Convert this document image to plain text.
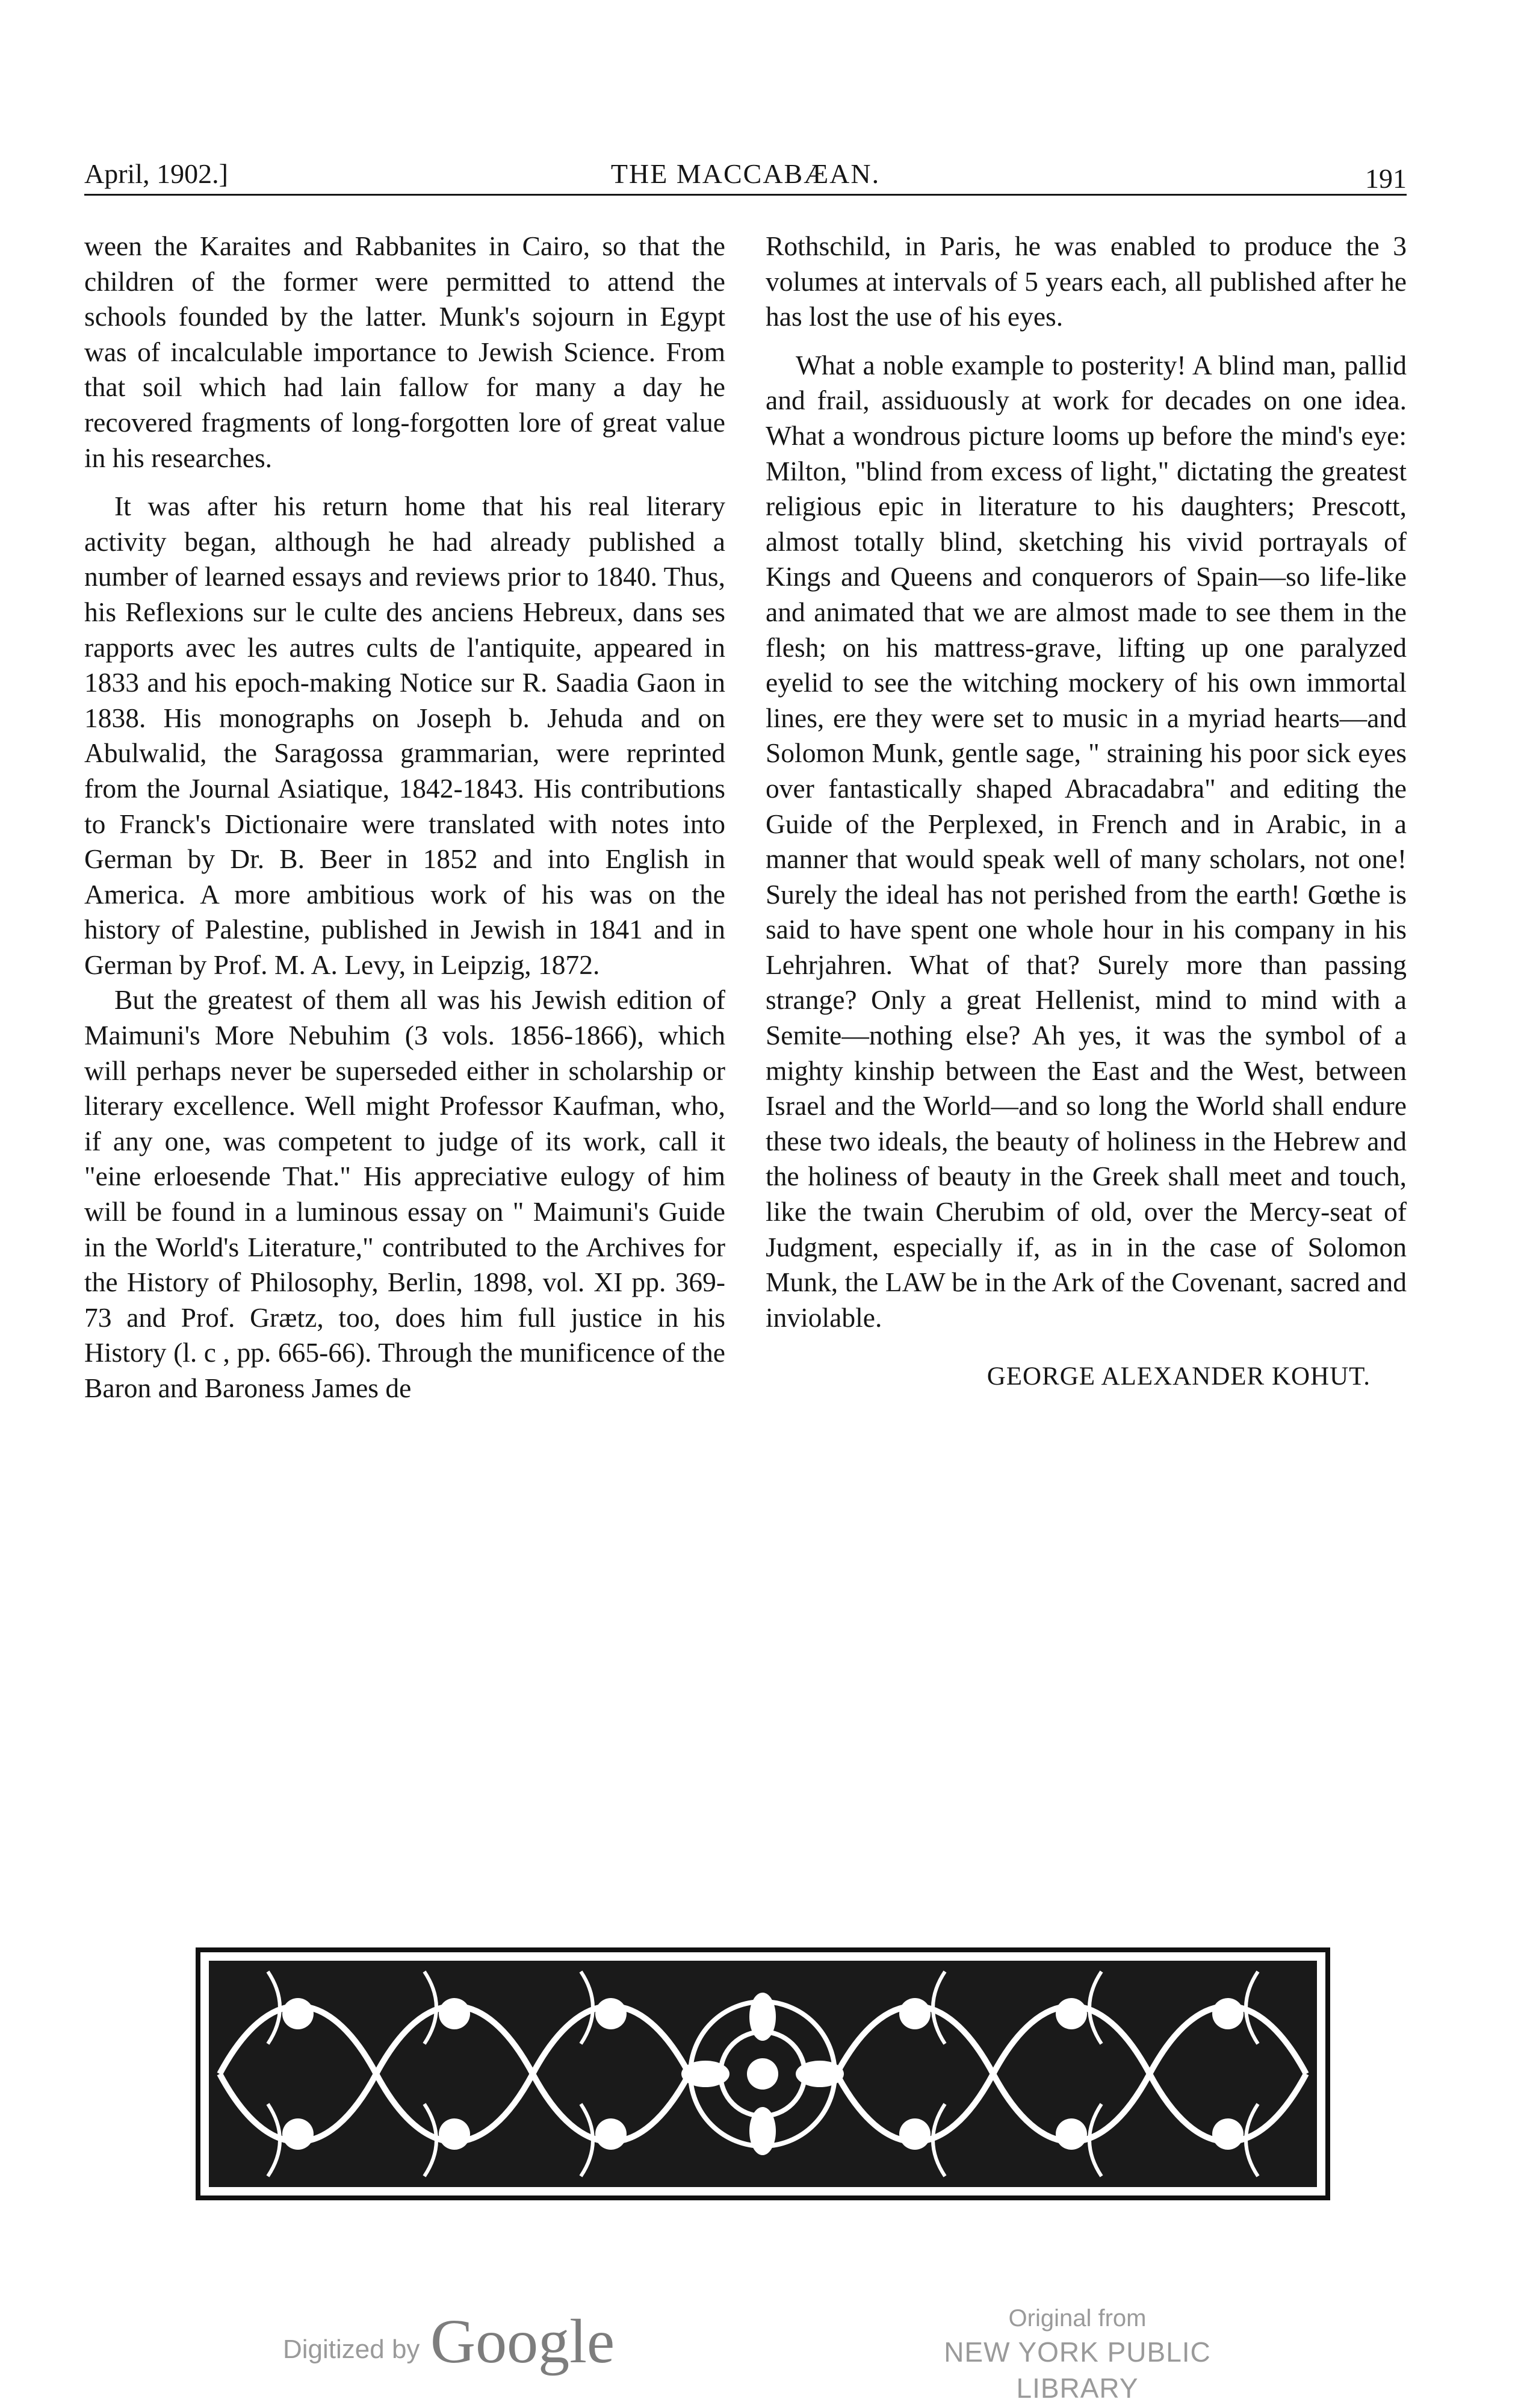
April, 1902.]	THE MACCABÆAN.	191

ween the Karaites and Rabbanites in Cairo, so that the children of the former were permitted to attend the schools founded by the latter. Munk's sojourn in Egypt was of incalculable importance to Jewish Science. From that soil which had lain fallow for many a day he recovered fragments of long-forgotten lore of great value in his researches.

It was after his return home that his real literary activity began, although he had already published a number of learned essays and reviews prior to 1840. Thus, his Reflexions sur le culte des anciens Hebreux, dans ses rapports avec les autres cults de l'antiquite, appeared in 1833 and his epoch-making Notice sur R. Saadia Gaon in 1838. His monographs on Joseph b. Jehuda and on Abulwalid, the Saragossa grammarian, were reprinted from the Journal Asiatique, 1842-1843. His contributions to Franck's Dictionaire were translated with notes into German by Dr. B. Beer in 1852 and into English in America. A more ambitious work of his was on the history of Palestine, published in Jewish in 1841 and in German by Prof. M. A. Levy, in Leipzig, 1872.

But the greatest of them all was his Jewish edition of Maimuni's More Nebuhim (3 vols. 1856-1866), which will perhaps never be superseded either in scholarship or literary excellence. Well might Professor Kaufman, who, if any one, was competent to judge of its work, call it "eine erloesende That." His appreciative eulogy of him will be found in a luminous essay on " Maimuni's Guide in the World's Literature," contributed to the Archives for the History of Philosophy, Berlin, 1898, vol. XI pp. 369-73 and Prof. Grætz, too, does him full justice in his History (l. c , pp. 665-66). Through the munificence of the Baron and Baroness James de

Rothschild, in Paris, he was enabled to produce the 3 volumes at intervals of 5 years each, all published after he has lost the use of his eyes.

What a noble example to posterity! A blind man, pallid and frail, assiduously at work for decades on one idea. What a wondrous picture looms up before the mind's eye: Milton, "blind from excess of light," dictating the greatest religious epic in literature to his daughters; Prescott, almost totally blind, sketching his vivid portrayals of Kings and Queens and conquerors of Spain—so life-like and animated that we are almost made to see them in the flesh; on his mattress-grave, lifting up one paralyzed eyelid to see the witching mockery of his own immortal lines, ere they were set to music in a myriad hearts—and Solomon Munk, gentle sage, " straining his poor sick eyes over fantastically shaped Abracadabra" and editing the Guide of the Perplexed, in French and in Arabic, in a manner that would speak well of many scholars, not one! Surely the ideal has not perished from the earth! Gœthe is said to have spent one whole hour in his company in his Lehrjahren. What of that? Surely more than passing strange? Only a great Hellenist, mind to mind with a Semite—nothing else? Ah yes, it was the symbol of a mighty kinship between the East and the West, between Israel and the World—and so long the World shall endure these two ideals, the beauty of holiness in the Hebrew and the holiness of beauty in the Greek shall meet and touch, like the twain Cherubim of old, over the Mercy-seat of Judgment, especially if, as in in the case of Solomon Munk, the LAW be in the Ark of the Covenant, sacred and inviolable.

GEORGE ALEXANDER KOHUT.
Digitized by Google	Original from
NEW YORK PUBLIC LIBRARY
